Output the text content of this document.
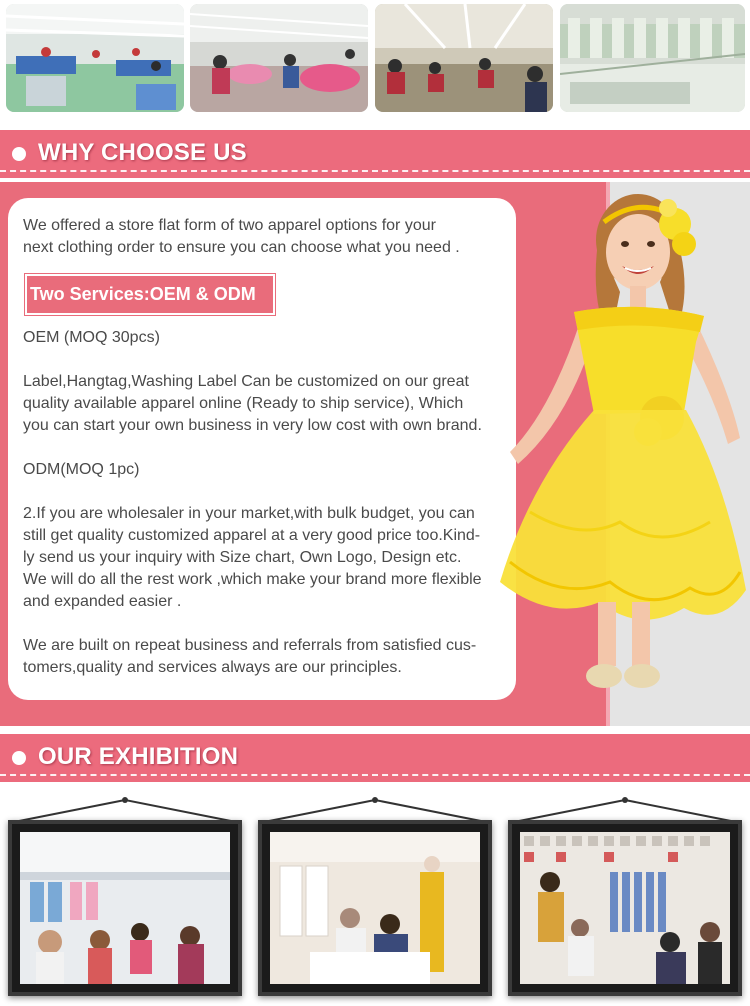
WHY CHOOSE US
We offered a store flat form of two apparel options for your
next clothing order to ensure you can choose what you need .
Two Services:OEM & ODM
OEM (MOQ 30pcs)
Label,Hangtag,Washing Label Can be customized on our great
quality available apparel online (Ready to ship service), Which
you can start your own business in very low cost with own brand.
ODM(MOQ 1pc)
2.If you are wholesaler in your market,with bulk budget, you can
still get quality customized apparel at a very good price too.Kind-
ly send us your inquiry with Size chart, Own Logo, Design etc.
We will do all the rest work ,which make your brand more flexible
and expanded easier .
We are built on repeat business and referrals from satisfied cus-
tomers,quality and services always are our principles.
OUR EXHIBITION
